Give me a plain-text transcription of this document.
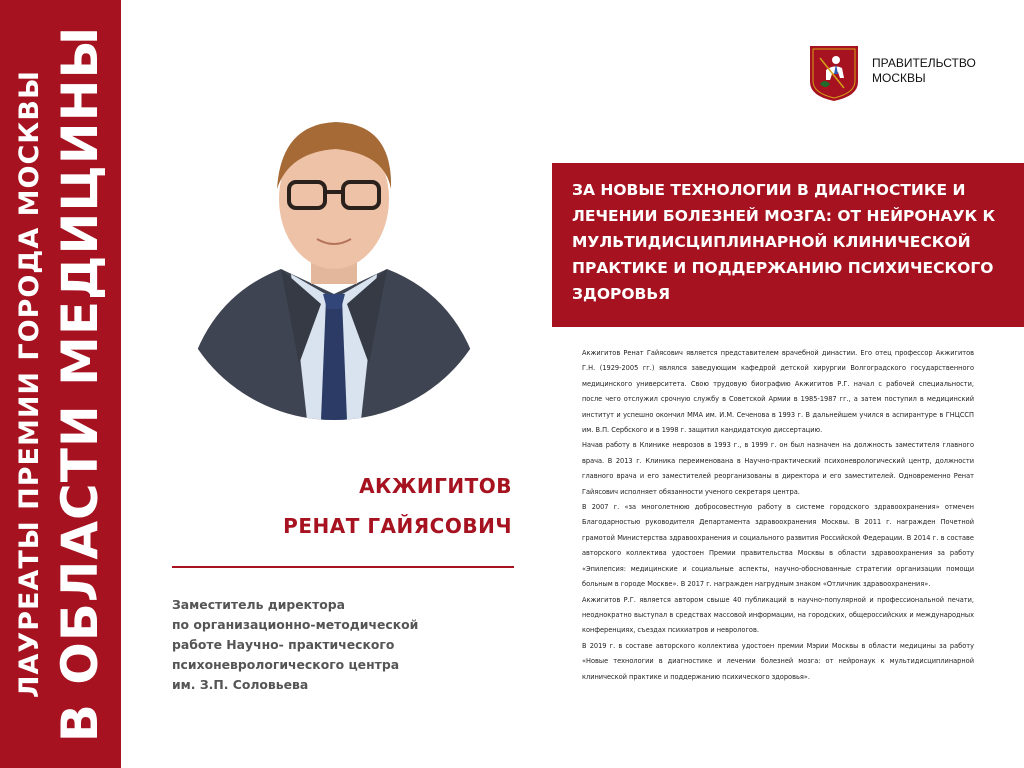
ЛАУРЕАТЫ ПРЕМИИ ГОРОДА МОСКВЫ В ОБЛАСТИ МЕДИЦИНЫ	ПРАВИТЕЛЬСТВО
МОСКВЫ
ЗА НОВЫЕ ТЕХНОЛОГИИ В ДИАГНОСТИКЕ И ЛЕЧЕНИИ БОЛЕЗНЕЙ МОЗГА: ОТ НЕЙРОНАУК К МУЛЬТИДИСЦИПЛИНАРНОЙ КЛИНИЧЕСКОЙ ПРАКТИКЕ И ПОДДЕРЖАНИЮ ПСИХИЧЕСКОГО ЗДОРОВЬЯ
АКЖИГИТОВ
РЕНАТ ГАЙЯСОВИЧ
Заместитель директора
по организационно-методической
работе Научно- практического
психоневрологического центра
им. З.П. Соловьева

Акжигитов Ренат Гайясович является представителем врачебной династии. Его отец профессор Акжигитов Г.Н. (1929-2005 гг.) являлся заведующим кафедрой детской хирургии Волгоградского государственного медицинского университета. Свою трудовую биографию Акжигитов Р.Г. начал с рабочей специальности, после чего отслужил срочную службу в Советской Армии в 1985-1987 гг., а затем поступил в медицинский институт и успешно окончил ММА им. И.М. Сеченова в 1993 г. В дальнейшем учился в аспирантуре в ГНЦССП им. В.П. Сербского и в 1998 г. защитил кандидатскую диссертацию.

Начав работу в Клинике неврозов в 1993 г., в 1999 г. он был назначен на должность заместителя главного врача. В 2013 г. Клиника переименована в Научно-практический психоневрологический центр, должности главного врача и его заместителей реорганизованы в директора и его заместителей. Одновременно Ренат Гайясович исполняет обязанности ученого секретаря центра.

В 2007 г. «за многолетнюю добросовестную работу в системе городского здравоохранения» отмечен Благодарностью руководителя Департамента здравоохранения Москвы. В 2011 г. награжден Почетной грамотой Министерства здравоохранения и социального развития Российской Федерации. В 2014 г. в составе авторского коллектива удостоен Премии правительства Москвы в области здравоохранения за работу «Эпилепсия: медицинские и социальные аспекты, научно-обоснованные стратегии организации помощи больным в городе Москве». В 2017 г. награжден нагрудным знаком «Отличник здравоохранения».

Акжигитов Р.Г. является автором свыше 40 публикаций в научно-популярной и профессиональной печати, неоднократно выступал в средствах массовой информации, на городских, общероссийских и международных конференциях, съездах психиатров и неврологов.

В 2019 г. в составе авторского коллектива удостоен премии Мэрии Москвы в области медицины за работу «Новые технологии в диагностике и лечении болезней мозга: от нейронаук к мультидисциплинарной клинической практике и поддержанию психического здоровья».
